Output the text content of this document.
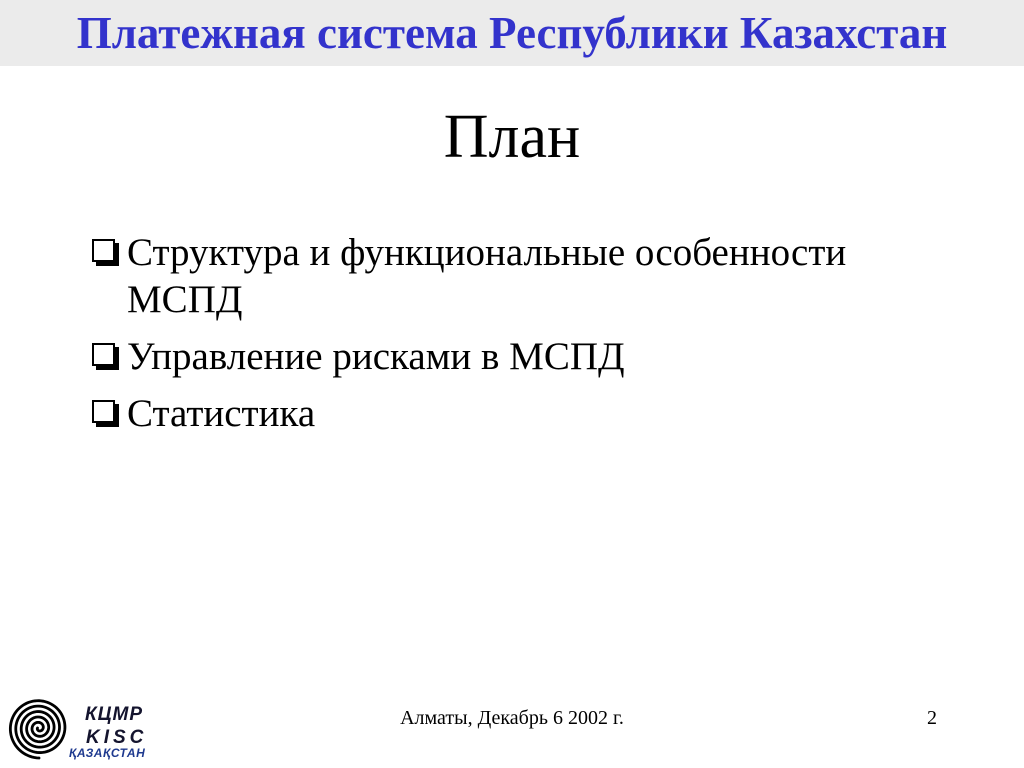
Платежная система Республики Казахстан
План
Структура и функциональные особенности МСПД
Управление рисками в МСПД
Статистика
КЦМР
KISC
ҚАЗАҚСТАН
Алматы, Декабрь 6 2002 г.	2
